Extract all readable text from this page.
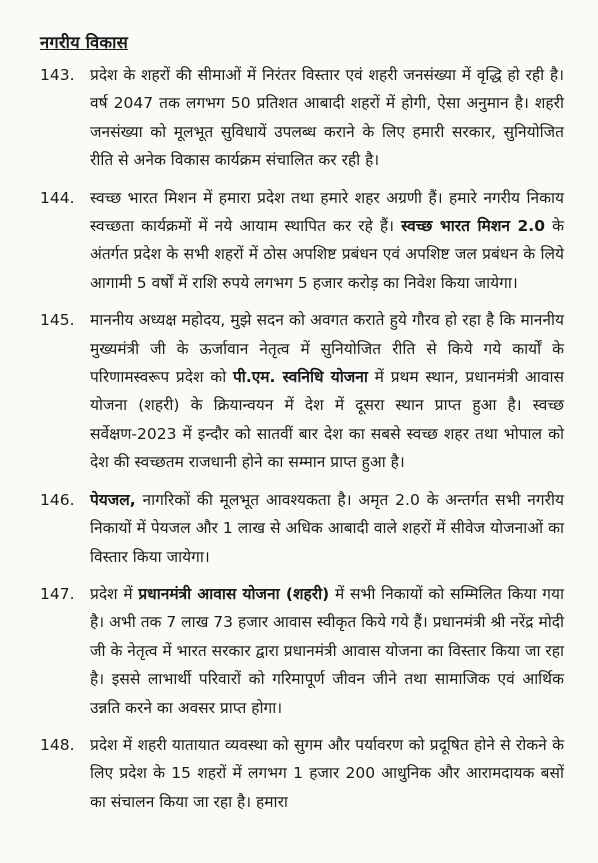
नगरीय विकास
143. प्रदेश के शहरों की सीमाओं में निरंतर विस्तार एवं शहरी जनसंख्या में वृद्धि हो रही है। वर्ष 2047 तक लगभग 50 प्रतिशत आबादी शहरों में होगी, ऐसा अनुमान है। शहरी जनसंख्या को मूलभूत सुविधायें उपलब्ध कराने के लिए हमारी सरकार, सुनियोजित रीति से अनेक विकास कार्यक्रम संचालित कर रही है।
144. स्वच्छ भारत मिशन में हमारा प्रदेश तथा हमारे शहर अग्रणी हैं। हमारे नगरीय निकाय स्वच्छता कार्यक्रमों में नये आयाम स्थापित कर रहे हैं। स्वच्छ भारत मिशन 2.0 के अंतर्गत प्रदेश के सभी शहरों में ठोस अपशिष्ट प्रबंधन एवं अपशिष्ट जल प्रबंधन के लिये आगामी 5 वर्षों में राशि रुपये लगभग 5 हजार करोड़ का निवेश किया जायेगा।
145. माननीय अध्यक्ष महोदय, मुझे सदन को अवगत कराते हुये गौरव हो रहा है कि माननीय मुख्यमंत्री जी के ऊर्जावान नेतृत्व में सुनियोजित रीति से किये गये कार्यों के परिणामस्वरूप प्रदेश को पी.एम. स्वनिधि योजना में प्रथम स्थान, प्रधानमंत्री आवास योजना (शहरी) के क्रियान्वयन में देश में दूसरा स्थान प्राप्त हुआ है। स्वच्छ सर्वेक्षण-2023 में इन्दौर को सातवीं बार देश का सबसे स्वच्छ शहर तथा भोपाल को देश की स्वच्छतम राजधानी होने का सम्मान प्राप्त हुआ है।
146. पेयजल, नागरिकों की मूलभूत आवश्यकता है। अमृत 2.0 के अन्तर्गत सभी नगरीय निकायों में पेयजल और 1 लाख से अधिक आबादी वाले शहरों में सीवेज योजनाओं का विस्तार किया जायेगा।
147. प्रदेश में प्रधानमंत्री आवास योजना (शहरी) में सभी निकायों को सम्मिलित किया गया है। अभी तक 7 लाख 73 हजार आवास स्वीकृत किये गये हैं। प्रधानमंत्री श्री नरेंद्र मोदी जी के नेतृत्व में भारत सरकार द्वारा प्रधानमंत्री आवास योजना का विस्तार किया जा रहा है। इससे लाभार्थी परिवारों को गरिमापूर्ण जीवन जीने तथा सामाजिक एवं आर्थिक उन्नति करने का अवसर प्राप्त होगा।
148. प्रदेश में शहरी यातायात व्यवस्था को सुगम और पर्यावरण को प्रदूषित होने से रोकने के लिए प्रदेश के 15 शहरों में लगभग 1 हजार 200 आधुनिक और आरामदायक बसों का संचालन किया जा रहा है। हमारा
